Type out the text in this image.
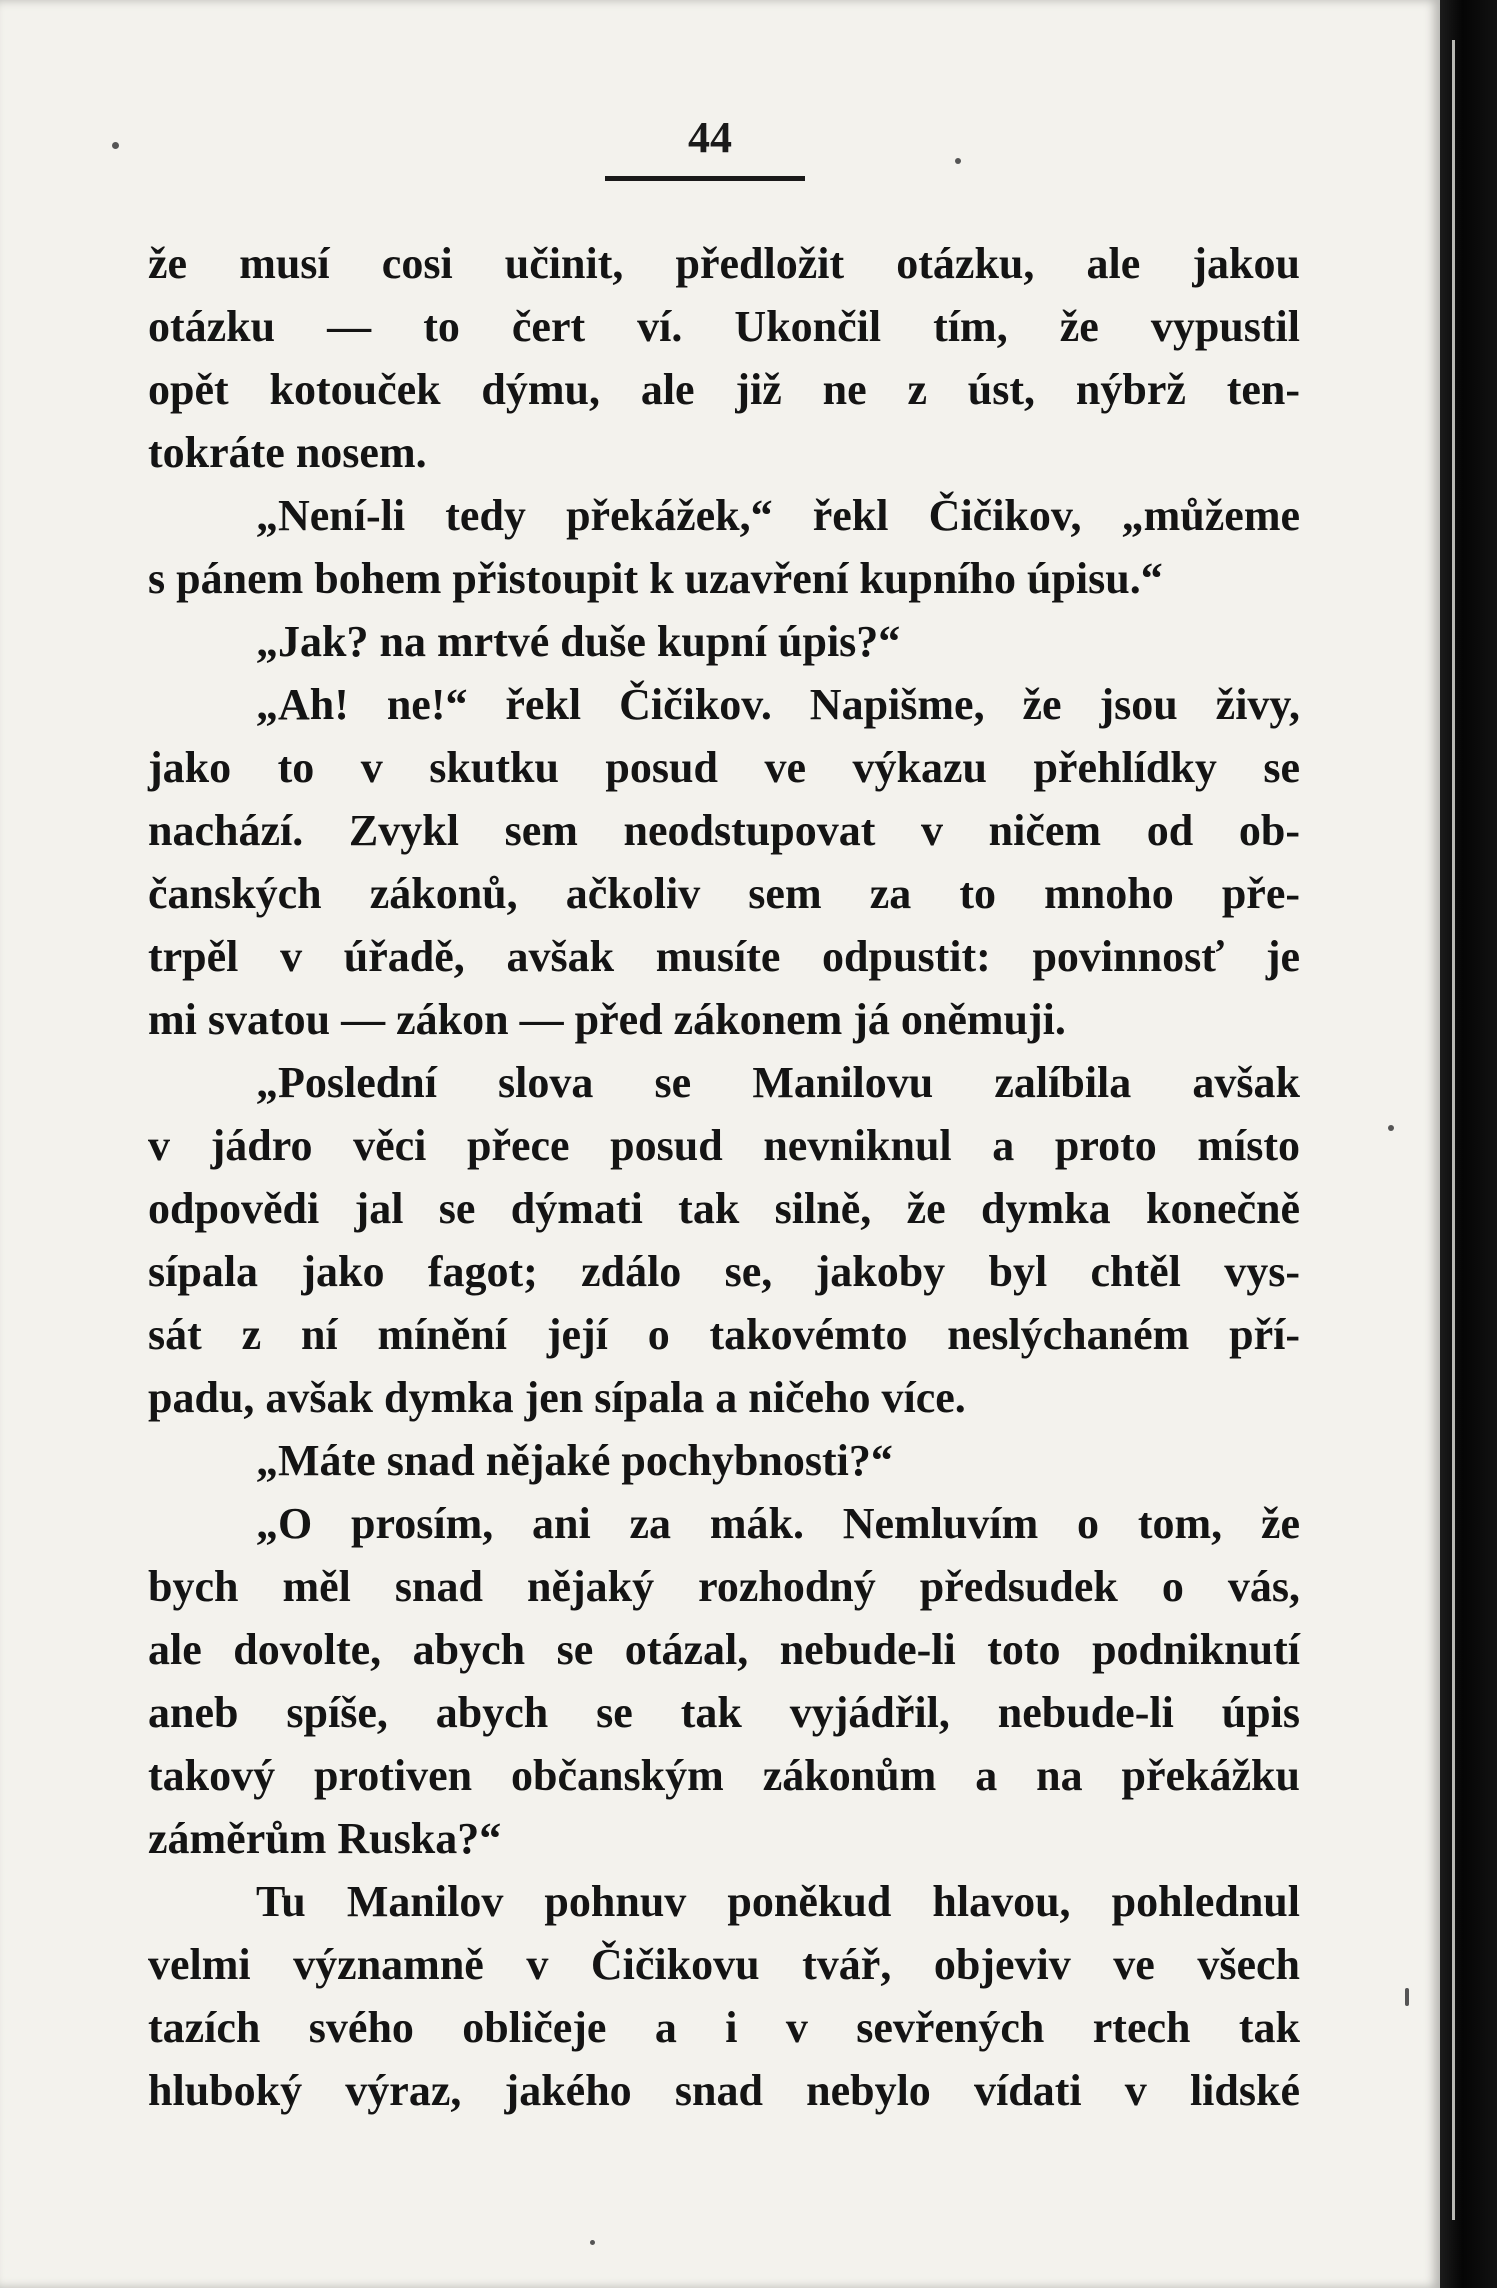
44
že musí cosi učinit, předložit otázku, ale jakou
otázku — to čert ví. Ukončil tím, že vypustil
opět kotouček dýmu, ale již ne z úst, nýbrž ten-
tokráte nosem.
„Není-li tedy překážek,“ řekl Čičikov, „můžeme
s pánem bohem přistoupit k uzavření kupního úpisu.“
„Jak? na mrtvé duše kupní úpis?“
„Ah! ne!“ řekl Čičikov. Napišme, že jsou živy,
jako to v skutku posud ve výkazu přehlídky se
nachází. Zvykl sem neodstupovat v ničem od ob-
čanských zákonů, ačkoliv sem za to mnoho pře-
trpěl v úřadě, avšak musíte odpustit: povinnosť je
mi svatou — zákon — před zákonem já oněmuji.
„Poslední slova se Manilovu zalíbila avšak
v jádro věci přece posud nevniknul a proto místo
odpovědi jal se dýmati tak silně, že dymka konečně
sípala jako fagot; zdálo se, jakoby byl chtěl vys-
sát z ní mínění její o takovémto neslýchaném pří-
padu, avšak dymka jen sípala a ničeho více.
„Máte snad nějaké pochybnosti?“
„O prosím, ani za mák. Nemluvím o tom, že
bych měl snad nějaký rozhodný předsudek o vás,
ale dovolte, abych se otázal, nebude-li toto podniknutí
aneb spíše, abych se tak vyjádřil, nebude-li úpis
takový protiven občanským zákonům a na překážku
záměrům Ruska?“
Tu Manilov pohnuv poněkud hlavou, pohlednul
velmi významně v Čičikovu tvář, objeviv ve všech
tazích svého obličeje a i v sevřených rtech tak
hluboký výraz, jakého snad nebylo vídati v lidské
